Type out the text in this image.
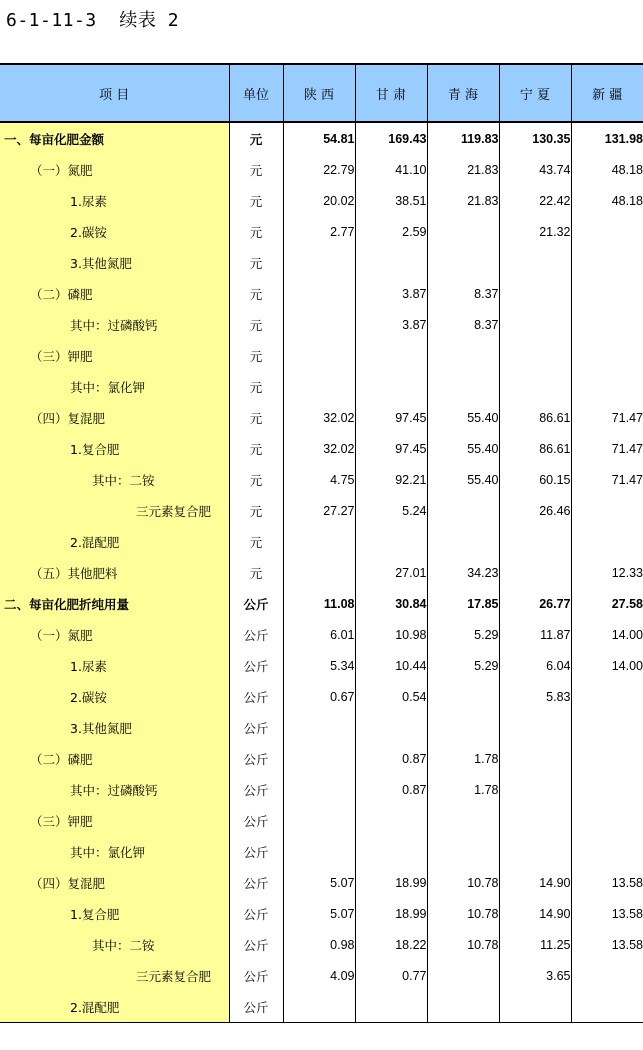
6-1-11-3  续表 2
项 目	单位	陕 西	甘 肃	青 海	宁 夏	新 疆
一、每亩化肥金额	元	54.81	169.43	119.83	130.35	131.98
（一）氮肥	元	22.79	41.10	21.83	43.74	48.18
1.尿素	元	20.02	38.51	21.83	22.42	48.18
2.碳铵	元	2.77	2.59		21.32	
3.其他氮肥	元					
（二）磷肥	元		3.87	8.37		
其中：过磷酸钙	元		3.87	8.37		
（三）钾肥	元					
其中：氯化钾	元					
（四）复混肥	元	32.02	97.45	55.40	86.61	71.47
1.复合肥	元	32.02	97.45	55.40	86.61	71.47
其中：二铵	元	4.75	92.21	55.40	60.15	71.47
三元素复合肥	元	27.27	5.24		26.46	
2.混配肥	元					
（五）其他肥料	元		27.01	34.23		12.33
二、每亩化肥折纯用量	公斤	11.08	30.84	17.85	26.77	27.58
（一）氮肥	公斤	6.01	10.98	5.29	11.87	14.00
1.尿素	公斤	5.34	10.44	5.29	6.04	14.00
2.碳铵	公斤	0.67	0.54		5.83	
3.其他氮肥	公斤					
（二）磷肥	公斤		0.87	1.78		
其中：过磷酸钙	公斤		0.87	1.78		
（三）钾肥	公斤					
其中：氯化钾	公斤					
（四）复混肥	公斤	5.07	18.99	10.78	14.90	13.58
1.复合肥	公斤	5.07	18.99	10.78	14.90	13.58
其中：二铵	公斤	0.98	18.22	10.78	11.25	13.58
三元素复合肥	公斤	4.09	0.77		3.65	
2.混配肥	公斤					
